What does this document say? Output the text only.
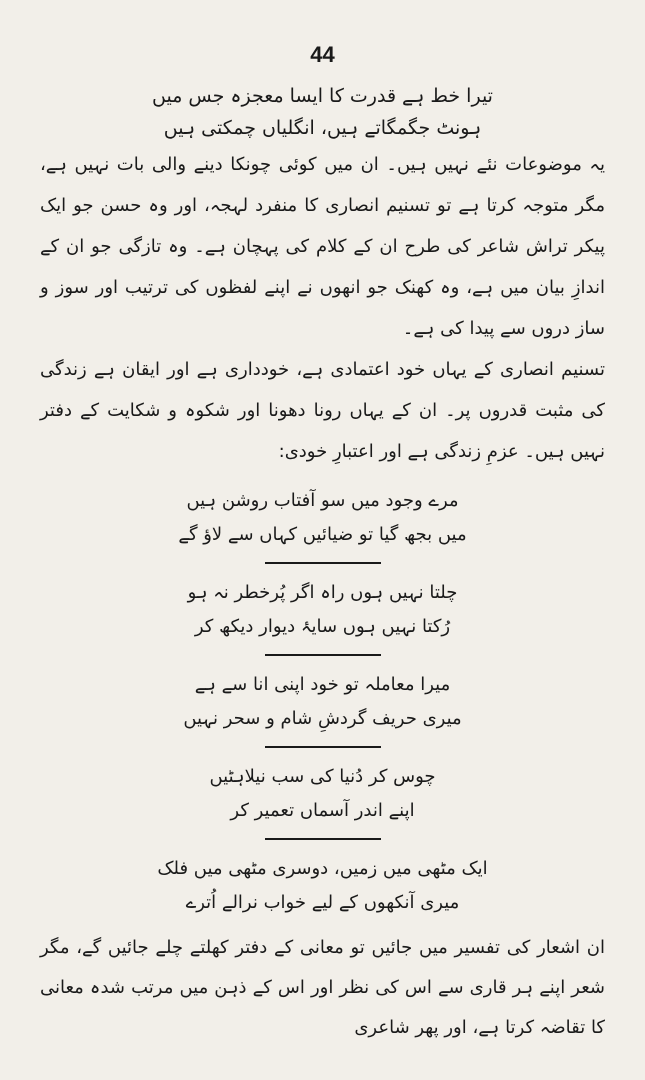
44
تیرا خط ہے قدرت کا ایسا معجزہ جس میں
ہونٹ جگمگاتے ہیں، انگلیاں چمکتی ہیں

یہ موضوعات نئے نہیں ہیں۔ ان میں کوئی چونکا دینے والی بات نہیں ہے، مگر متوجہ کرتا ہے تو تسنیم انصاری کا منفرد لہجہ، اور وہ حسن جو ایک پیکر تراش شاعر کی طرح ان کے کلام کی پہچان ہے۔ وہ تازگی جو ان کے اندازِ بیان میں ہے، وہ کھنک جو انھوں نے اپنے لفظوں کی ترتیب اور سوز و ساز دروں سے پیدا کی ہے۔

تسنیم انصاری کے یہاں خود اعتمادی ہے، خودداری ہے اور ایقان ہے زندگی کی مثبت قدروں پر۔ ان کے یہاں رونا دھونا اور شکوہ و شکایت کے دفتر نہیں ہیں۔ عزمِ زندگی ہے اور اعتبارِ خودی:

مرے وجود میں سو آفتاب روشن ہیں
میں بجھ گیا تو ضیائیں کہاں سے لاؤ گے
چلتا نہیں ہوں راہ اگر پُرخطر نہ ہو
رُکتا نہیں ہوں سایۂ دیوار دیکھ کر
میرا معاملہ تو خود اپنی انا سے ہے
میری حریف گردشِ شام و سحر نہیں
چوس کر دُنیا کی سب نیلاہٹیں
اپنے اندر آسماں تعمیر کر
ایک مٹھی میں زمیں، دوسری مٹھی میں فلک
میری آنکھوں کے لیے خواب نرالے اُترے

ان اشعار کی تفسیر میں جائیں تو معانی کے دفتر کھلتے چلے جائیں گے، مگر شعر اپنے ہر قاری سے اس کی نظر اور اس کے ذہن میں مرتب شدہ معانی کا تقاضہ کرتا ہے، اور پھر شاعری
